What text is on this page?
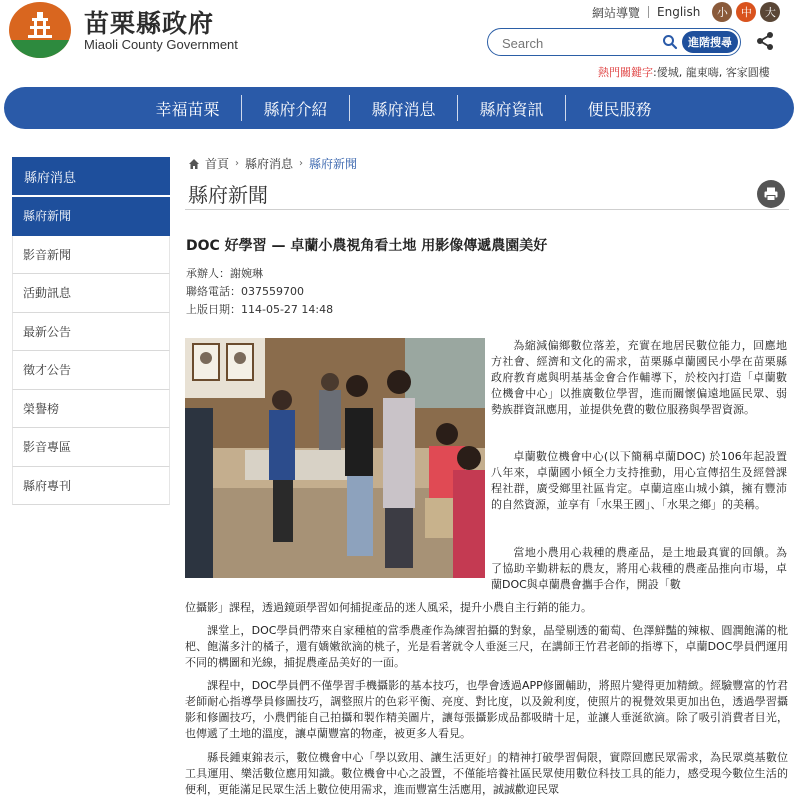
苗栗縣政府
Miaoli County Government
網站導覽 English	小	中	大
Search
進階搜尋
熱門關鍵字:僾城, 龍東嗨, 客家圓樓
幸福苗栗	縣府介紹	縣府消息	縣府資訊	便民服務
縣府消息
縣府新聞
影音新聞
活動訊息
最新公告
徵才公告
榮譽榜
影音專區
縣府專刊
首頁 › 縣府消息 › 縣府新聞
縣府新聞
DOC 好學習 — 卓蘭小農視角看土地 用影像傳遞農園美好
承辦人：謝婉琳
聯絡電話：037559700
上版日期：114-05-27 14:48

為縮減偏鄉數位落差，充實在地居民數位能力，回應地方社會、經濟和文化的需求，苗栗縣卓蘭國民小學在苗栗縣政府教育處與明基基金會合作輔導下，於校內打造「卓蘭數位機會中心」以推廣數位學習，進而關懷偏遠地區民眾、弱勢族群資訊應用，並提供免費的數位服務與學習資源。

卓蘭數位機會中心(以下簡稱卓蘭DOC) 於106年起設置八年來，卓蘭國小傾全力支持推動，用心宣傳招生及經營課程社群，廣受鄉里社區肯定。卓蘭這座山城小鎮，擁有豐沛的自然資源，並享有「水果王國」、「水果之鄉」的美稱。

當地小農用心栽種的農產品，是土地最真實的回饋。為了協助辛勤耕耘的農友，將用心栽種的農產品推向市場，卓蘭DOC與卓蘭農會攜手合作，開設「數

位攝影」課程，透過鏡頭學習如何捕捉產品的迷人風采，提升小農自主行銷的能力。

課堂上，DOC學員們帶來自家種植的當季農產作為練習拍攝的對象，晶瑩剔透的葡萄、色澤鮮豔的辣椒、圓潤飽滿的枇杷、飽滿多汁的橘子，還有嬌嫩欲滴的桃子，光是看著就令人垂涎三尺，在講師王竹君老師的指導下，卓蘭DOC學員們運用不同的構圖和光線，捕捉農產品美好的一面。

課程中，DOC學員們不僅學習手機攝影的基本技巧，也學會透過APP修圖輔助，將照片變得更加精緻。經驗豐富的竹君老師耐心指導學員修圖技巧，調整照片的色彩平衡、亮度、對比度，以及銳利度，使照片的視覺效果更加出色，透過學習攝影和修圖技巧，小農們能自己拍攝和製作精美圖片，讓每張攝影成品都吸睛十足，並讓人垂涎欲滴。除了吸引消費者目光，也傳遞了土地的溫度，讓卓蘭豐富的物產，被更多人看見。

縣長鍾東錦表示，數位機會中心「學以致用、讓生活更好」的精神打破學習侷限，實際回應民眾需求，為民眾奠基數位工具運用、樂活數位應用知識。數位機會中心之設置，不僅能培養社區民眾使用數位科技工具的能力，感受現今數位生活的便利，更能滿足民眾生活上數位使用需求，進而豐富生活應用，誠誠歡迎民眾
